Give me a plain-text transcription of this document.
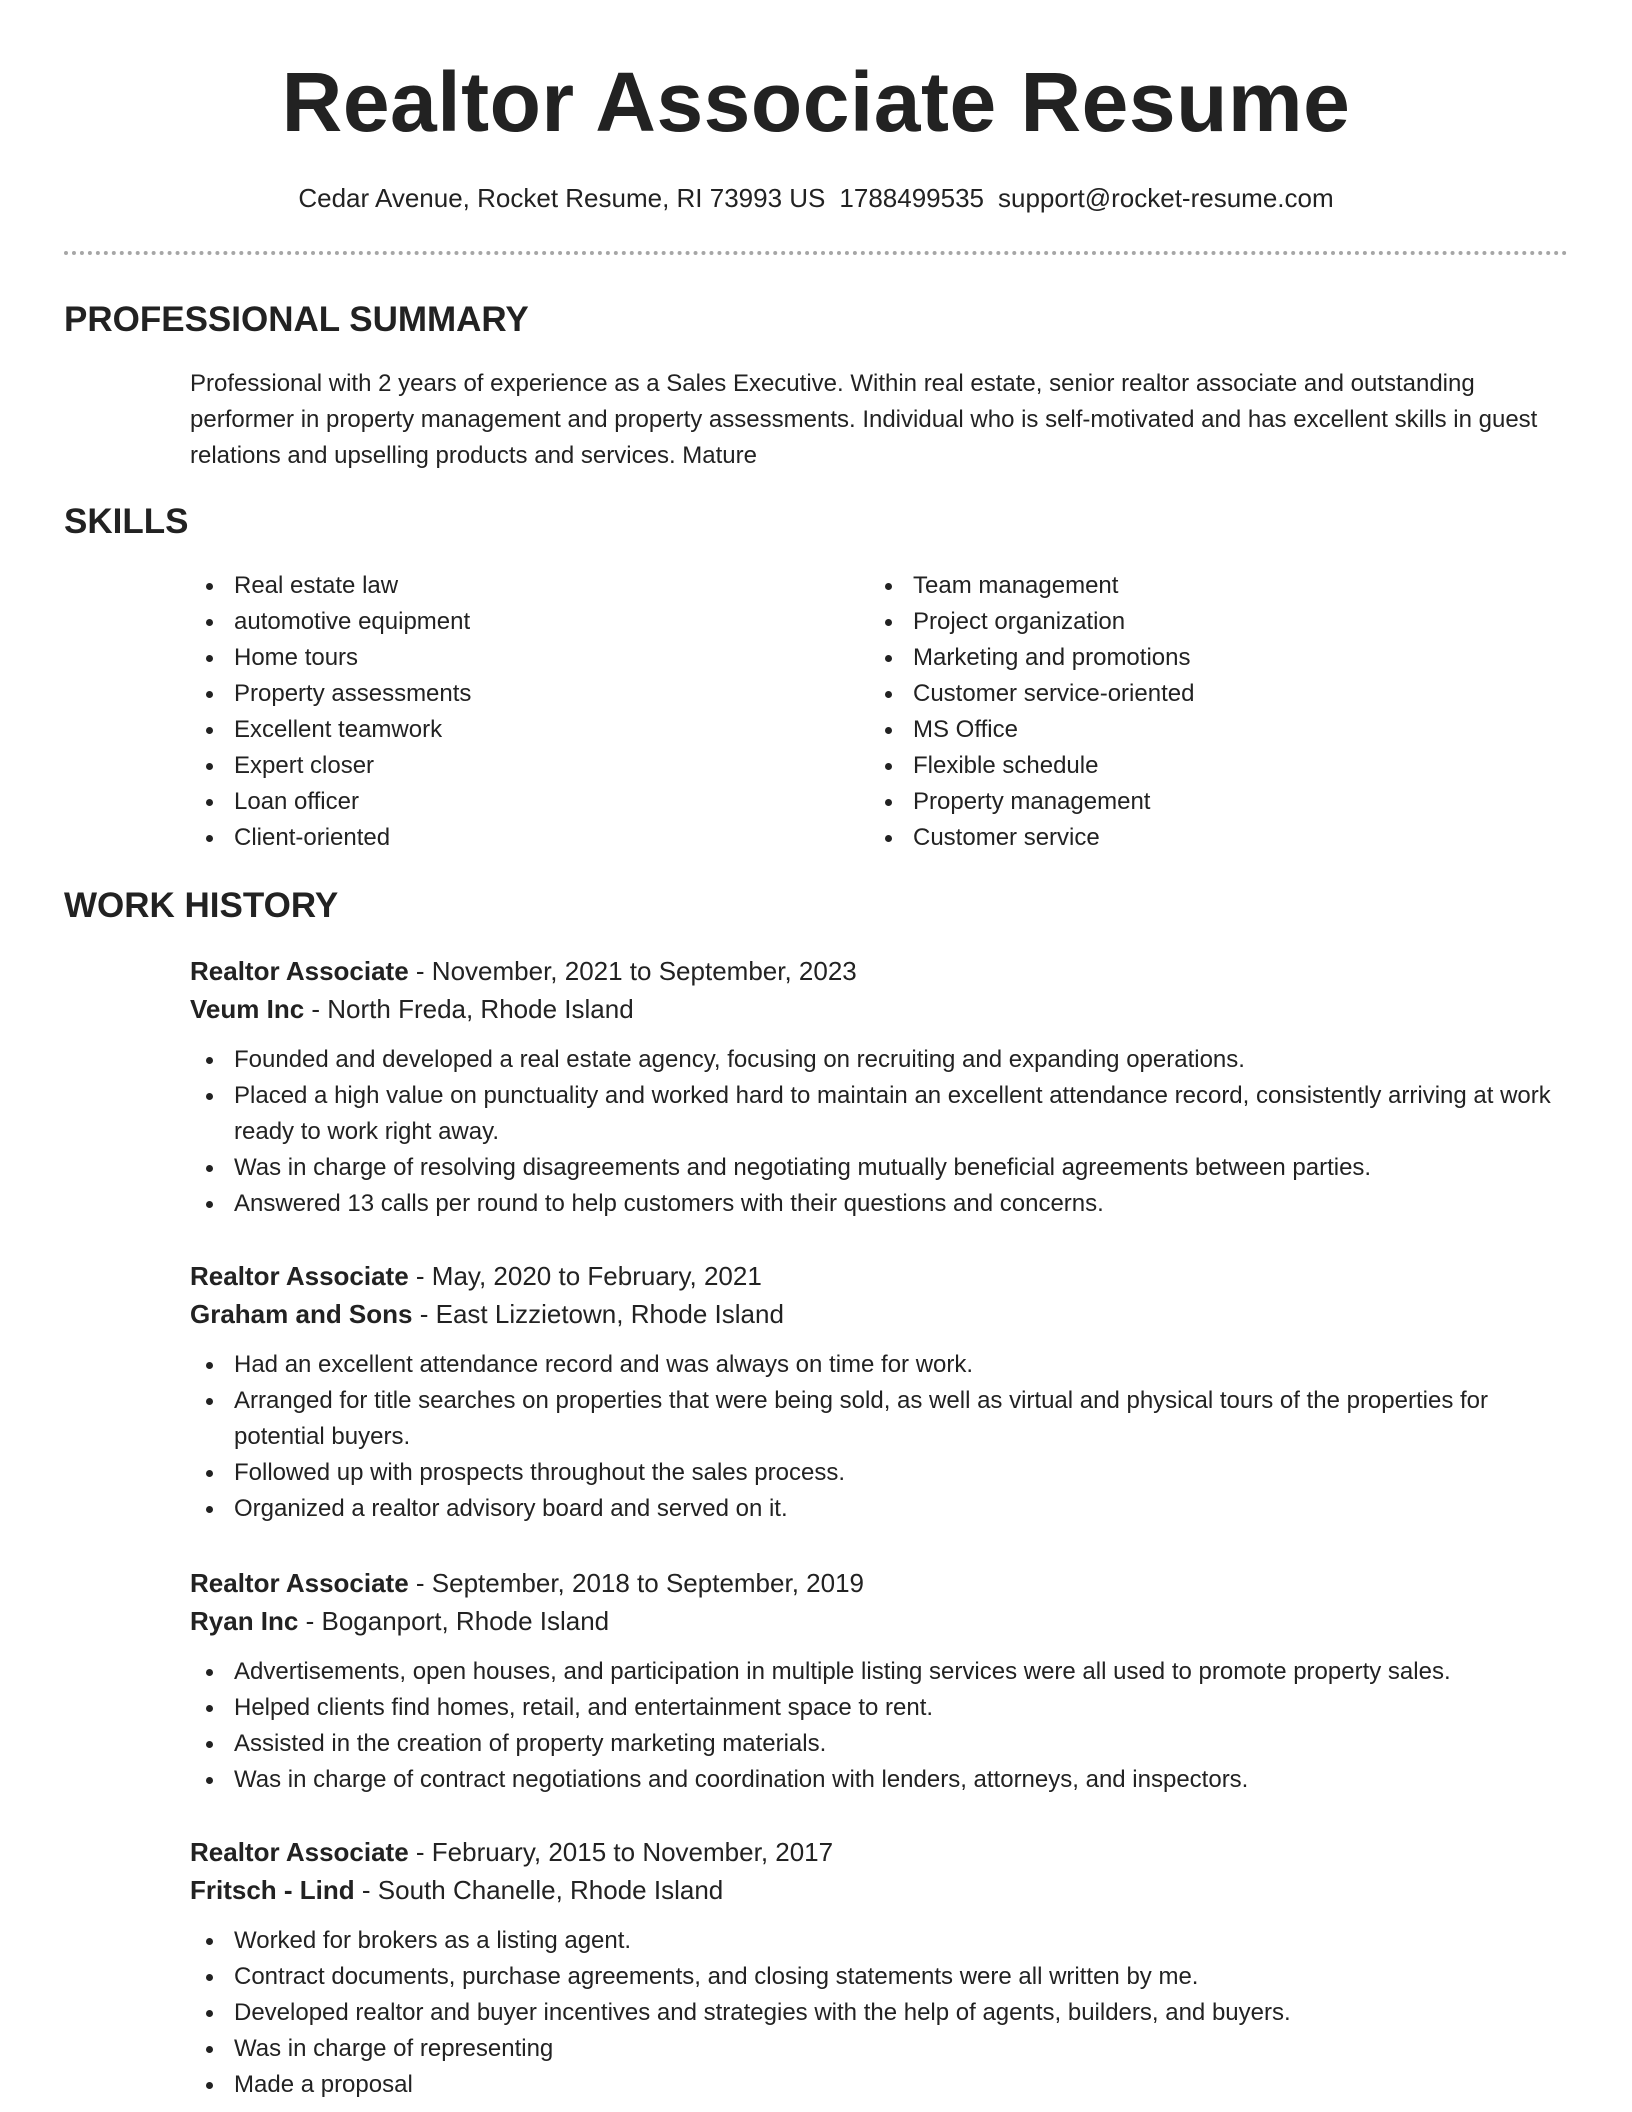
Realtor Associate Resume
Cedar Avenue, Rocket Resume, RI 73993 US 1788499535 support@rocket-resume.com
PROFESSIONAL SUMMARY

Professional with 2 years of experience as a Sales Executive. Within real estate, senior realtor associate and outstanding performer in property management and property assessments. Individual who is self-motivated and has excellent skills in guest relations and upselling products and services. Mature

SKILLS
Real estate law
automotive equipment
Home tours
Property assessments
Excellent teamwork
Expert closer
Loan officer
Client-oriented
Team management
Project organization
Marketing and promotions
Customer service-oriented
MS Office
Flexible schedule
Property management
Customer service
WORK HISTORY
Realtor Associate - November, 2021 to September, 2023
Veum Inc - North Freda, Rhode Island
Founded and developed a real estate agency, focusing on recruiting and expanding operations.
Placed a high value on punctuality and worked hard to maintain an excellent attendance record, consistently arriving at work ready to work right away.
Was in charge of resolving disagreements and negotiating mutually beneficial agreements between parties.
Answered 13 calls per round to help customers with their questions and concerns.
Realtor Associate - May, 2020 to February, 2021
Graham and Sons - East Lizzietown, Rhode Island
Had an excellent attendance record and was always on time for work.
Arranged for title searches on properties that were being sold, as well as virtual and physical tours of the properties for potential buyers.
Followed up with prospects throughout the sales process.
Organized a realtor advisory board and served on it.
Realtor Associate - September, 2018 to September, 2019
Ryan Inc - Boganport, Rhode Island
Advertisements, open houses, and participation in multiple listing services were all used to promote property sales.
Helped clients find homes, retail, and entertainment space to rent.
Assisted in the creation of property marketing materials.
Was in charge of contract negotiations and coordination with lenders, attorneys, and inspectors.
Realtor Associate - February, 2015 to November, 2017
Fritsch - Lind - South Chanelle, Rhode Island
Worked for brokers as a listing agent.
Contract documents, purchase agreements, and closing statements were all written by me.
Developed realtor and buyer incentives and strategies with the help of agents, builders, and buyers.
Was in charge of representing
Made a proposal
